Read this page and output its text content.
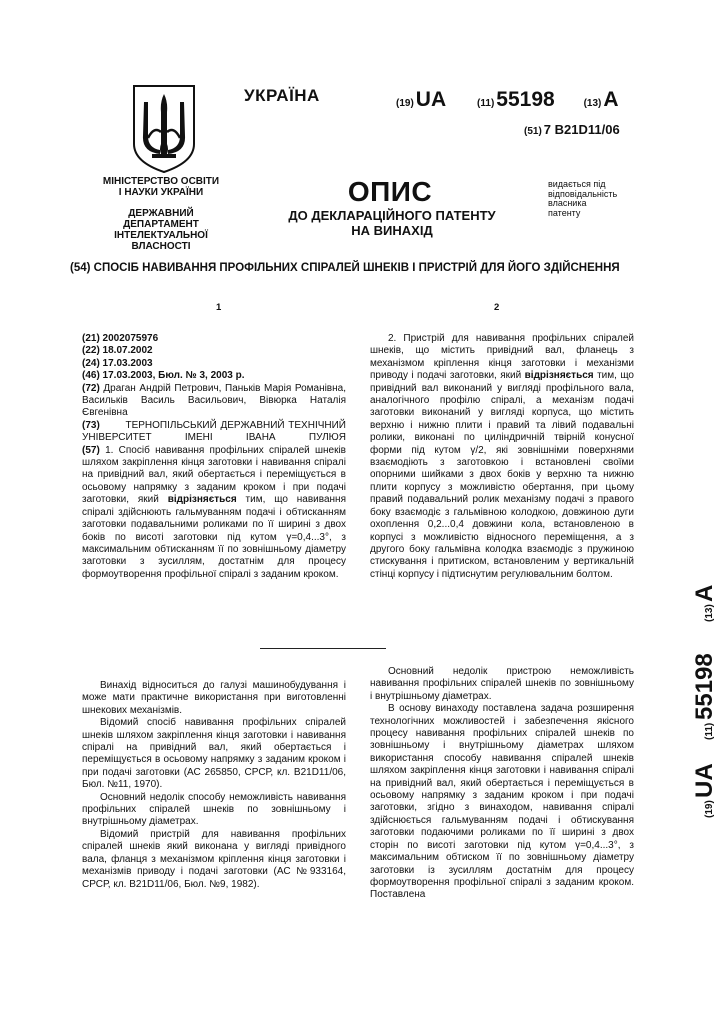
МІНІСТЕРСТВО ОСВІТИ
І НАУКИ УКРАЇНИ
ДЕРЖАВНИЙ ДЕПАРТАМЕНТ
ІНТЕЛЕКТУАЛЬНОЇ
ВЛАСНОСТІ
УКРАЇНА	(19)UA	(11)55198	(13)A
(51) 7 B21D11/06
ОПИС
ДО ДЕКЛАРАЦІЙНОГО ПАТЕНТУ
НА ВИНАХІД
видається під
відповідальність
власника
патенту
(54) СПОСІБ НАВИВАННЯ ПРОФІЛЬНИХ СПІРАЛЕЙ ШНЕКІВ І ПРИСТРІЙ ДЛЯ ЙОГО ЗДІЙСНЕННЯ
1	2

(21) 2002075976

(22) 18.07.2002

(24) 17.03.2003

(46) 17.03.2003, Бюл. № 3, 2003 р.

(72) Драган Андрій Петрович, Паньків Марія Романівна, Васильків Василь Васильович, Вівюрка Наталія Євгенівна

(73)	ТЕРНОПІЛЬСЬКИЙ ДЕРЖАВНИЙ ТЕХНІЧНИЙ УНІВЕРСИТЕТ ІМЕНІ ІВАНА ПУЛЮЯ

(57) 1. Спосіб навивання профільних спіралей шнеків шляхом закріплення кінця заготовки і навивання спіралі на привідний вал, який обертається і переміщується в осьовому напрямку з заданим кроком і при подачі заготовки, який відрізняється тим, що навивання спіралі здійснюють гальмуванням подачі і обтисканням заготовки подавальними роликами по її ширині з двох боків по висоті заготовки під кутом γ=0,4...3°, з максимальним обтисканням її по зовнішньому діаметру заготовки з зусиллям, достатнім для процесу формоутворення профільної спіралі з заданим кроком.

2. Пристрій для навивання профільних спіралей шнеків, що містить привідний вал, фланець з механізмом кріплення кінця заготовки і механізми приводу і подачі заготовки, який відрізняється тим, що привідний вал виконаний у вигляді профільного вала, аналогічного профілю спіралі, а механізм подачі заготовки виконаний у вигляді корпуса, що містить верхню і нижню плити і правий та лівий подавальні ролики, виконані по циліндричній твірній конусної форми під кутом γ/2, які зовнішніми поверхнями взаємодіють з заготовкою і встановлені своїми опорними шийками з двох боків у верхню та нижню плити корпусу з можливістю обертання, при цьому правий подавальний ролик механізму подачі з правого боку взаємодіє з гальмівною колодкою, довжиною дуги охоплення 0,2...0,4 довжини кола, встановленою в корпусі з можливістю відносного переміщення, а з другого боку гальмівна колодка взаємодіє з пружиною стискування і притиском, встановленим у вертикальній стінці корпусу і підтиснутим регулювальним болтом.

Винахід відноситься до галузі машинобудування і може мати практичне використання при виготовленні шнекових механізмів.

Відомий спосіб навивання профільних спіралей шнеків шляхом закріплення кінця заготовки і навивання спіралі на привідний вал, який обертається і переміщується в осьовому напрямку з заданим кроком і при подачі заготовки (АС 265850, СРСР, кл. B21D11/06, Бюл. №11, 1970).

Основний недолік способу неможливість навивання профільних спіралей шнеків по зовнішньому і внутрішньому діаметрах.

Відомий пристрій для навивання профільних спіралей шнеків який виконана у вигляді привідного вала, фланця з механізмом кріплення кінця заготовки і механізмів приводу і подачі заготовки (АС №933164, СРСР, кл. B21D11/06, Бюл. №9, 1982).

Основний недолік пристрою неможливість навивання профільних спіралей шнеків по зовнішньому і внутрішньому діаметрах.

В основу винаходу поставлена задача розширення технологічних можливостей і забезпечення якісного процесу навивання профільних спіралей шнеків по зовнішньому і внутрішньому діаметрах шляхом використання способу навивання спіралей шнеків шляхом закріплення кінця заготовки і навивання спіралі на привідний вал, який обертається і переміщується в осьовому напрямку з заданим кроком і при подачі заготовки, згідно з винаходом, навивання спіралі здійснюється гальмуванням подачі і обтискування заготовки подаючими роликами по її ширині з двох сторін по висоті заготовки під кутом γ=0,4...3°, з максимальним обтиском її по зовнішньому діаметру заготовки із зусиллям достатнім для процесу формоутворення профільної спіралі з заданим кроком. Поставлена

(19)
UA
(11)
55198
(13)
A
